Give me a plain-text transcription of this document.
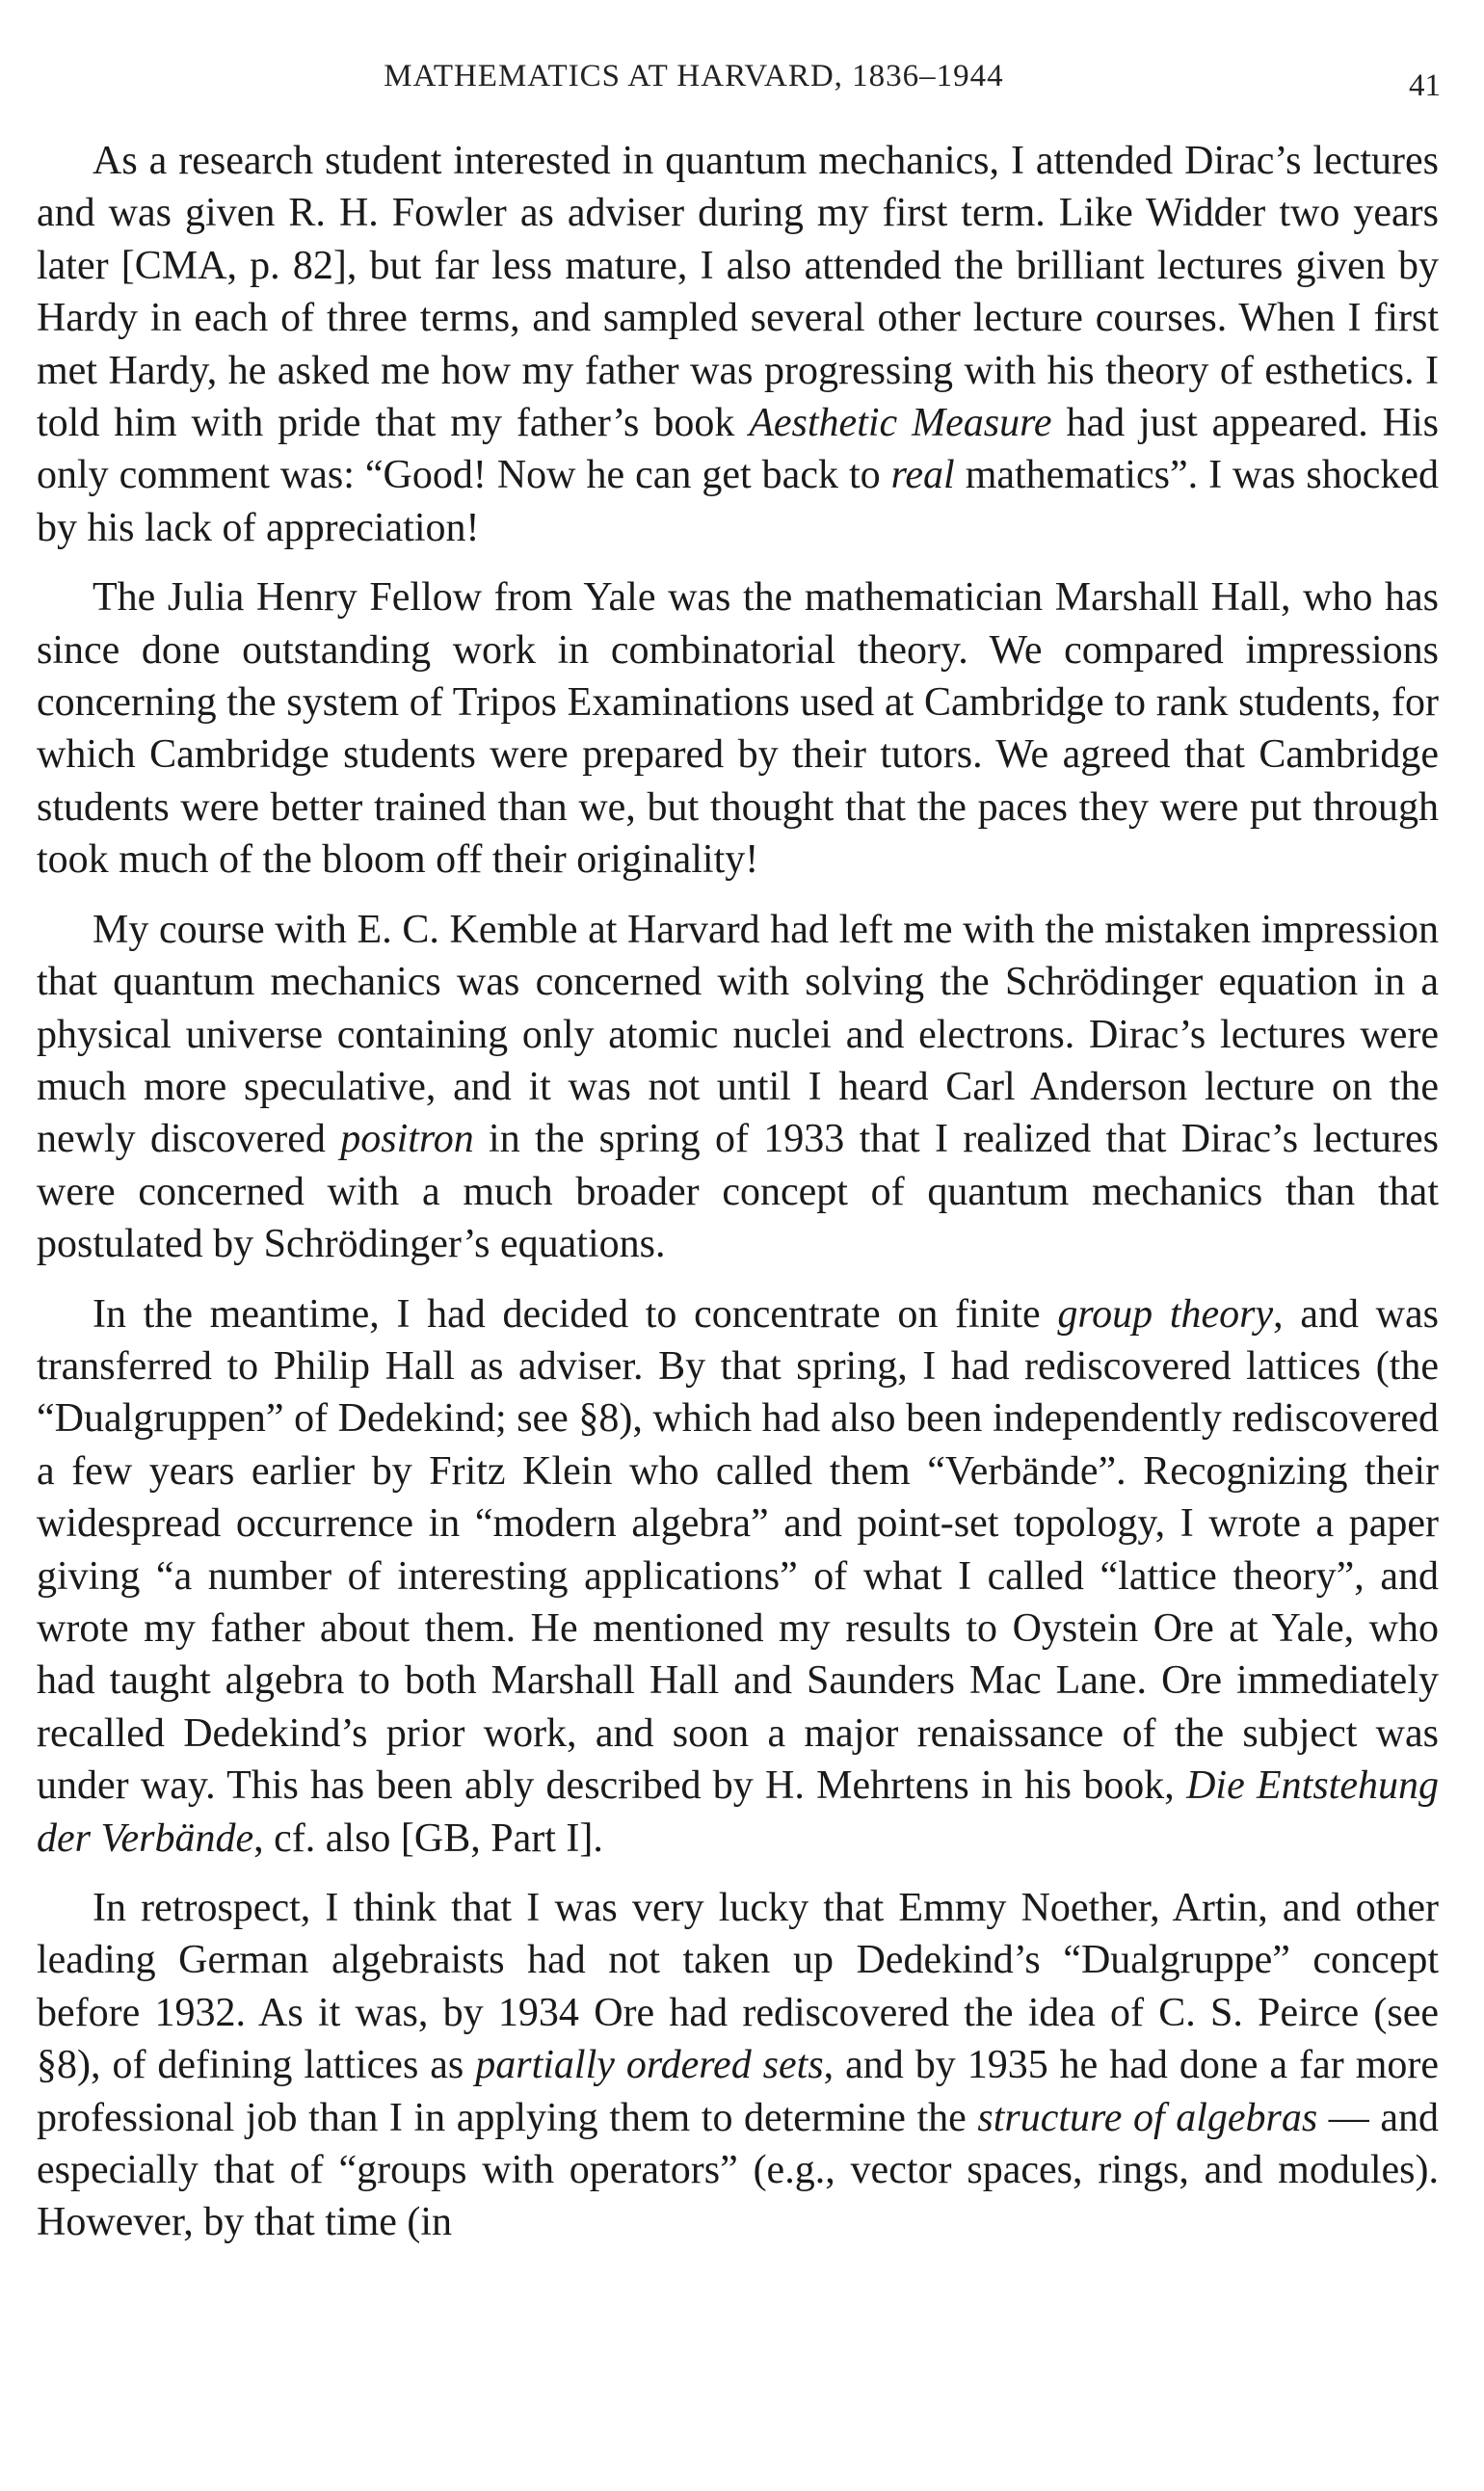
MATHEMATICS AT HARVARD, 1836–1944	41

As a research student interested in quantum mechanics, I attended Dirac’s lectures and was given R. H. Fowler as adviser during my first term. Like Widder two years later [CMA, p. 82], but far less mature, I also attended the brilliant lectures given by Hardy in each of three terms, and sampled several other lecture courses. When I first met Hardy, he asked me how my father was progressing with his theory of esthetics. I told him with pride that my father’s book Aesthetic Measure had just appeared. His only comment was: “Good! Now he can get back to real mathematics”. I was shocked by his lack of appreciation!

The Julia Henry Fellow from Yale was the mathematician Marshall Hall, who has since done outstanding work in combinatorial theory. We compared impressions concerning the system of Tripos Examinations used at Cambridge to rank students, for which Cambridge students were prepared by their tutors. We agreed that Cambridge students were better trained than we, but thought that the paces they were put through took much of the bloom off their originality!

My course with E. C. Kemble at Harvard had left me with the mistaken impression that quantum mechanics was concerned with solving the Schrödinger equation in a physical universe containing only atomic nuclei and electrons. Dirac’s lectures were much more speculative, and it was not until I heard Carl Anderson lecture on the newly discovered positron in the spring of 1933 that I realized that Dirac’s lectures were concerned with a much broader concept of quantum mechanics than that postulated by Schrödinger’s equations.

In the meantime, I had decided to concentrate on finite group theory, and was transferred to Philip Hall as adviser. By that spring, I had rediscovered lattices (the “Dualgruppen” of Dedekind; see §8), which had also been independently rediscovered a few years earlier by Fritz Klein who called them “Verbände”. Recognizing their widespread occurrence in “modern algebra” and point-set topology, I wrote a paper giving “a number of interesting applications” of what I called “lattice theory”, and wrote my father about them. He mentioned my results to Oystein Ore at Yale, who had taught algebra to both Marshall Hall and Saunders Mac Lane. Ore immediately recalled Dedekind’s prior work, and soon a major renaissance of the subject was under way. This has been ably described by H. Mehrtens in his book, Die Entstehung der Verbände, cf. also [GB, Part I].

In retrospect, I think that I was very lucky that Emmy Noether, Artin, and other leading German algebraists had not taken up Dedekind’s “Dualgruppe” concept before 1932. As it was, by 1934 Ore had rediscovered the idea of C. S. Peirce (see §8), of defining lattices as partially ordered sets, and by 1935 he had done a far more professional job than I in applying them to determine the structure of algebras — and especially that of “groups with operators” (e.g., vector spaces, rings, and modules). However, by that time (in
